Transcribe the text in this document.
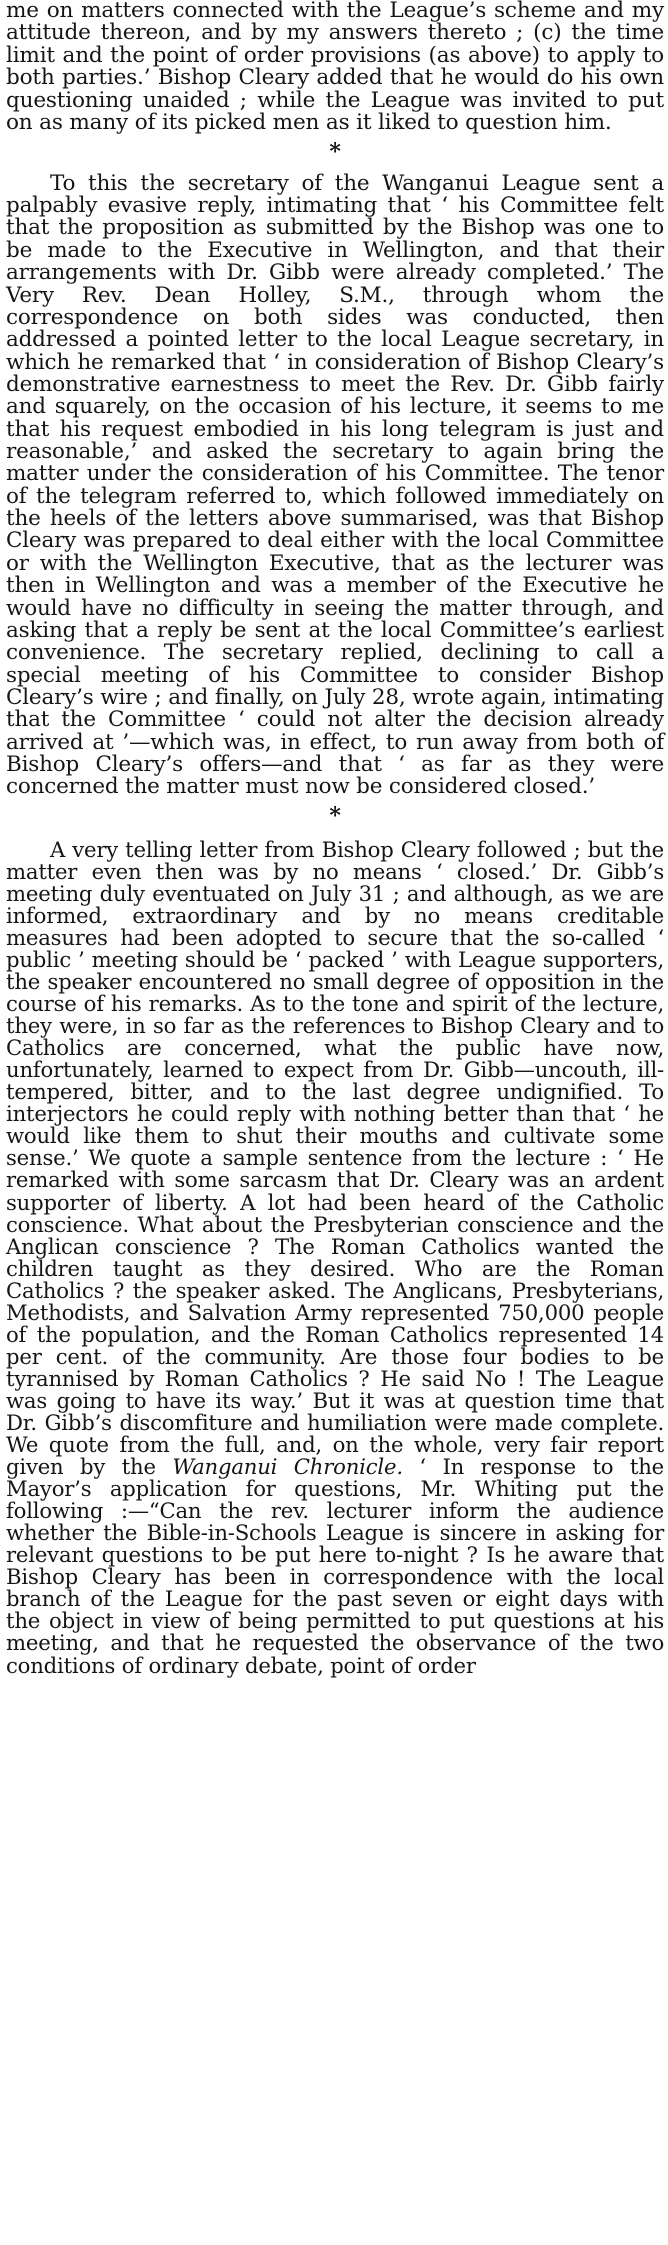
me on matters connected with the League’s scheme and my attitude thereon, and by my answers thereto ; (c) the time limit and the point of order provisions (as above) to apply to both parties.’ Bishop Cleary added that he would do his own questioning unaided ; while the League was invited to put on as many of its picked men as it liked to question him.

*

To this the secretary of the Wanganui League sent a palpably evasive reply, intimating that ‘ his Committee felt that the proposition as submitted by the Bishop was one to be made to the Executive in Wellington, and that their arrangements with Dr. Gibb were already completed.’ The Very Rev. Dean Holley, S.M., through whom the correspondence on both sides was conducted, then addressed a pointed letter to the local League secretary, in which he remarked that ‘ in consideration of Bishop Cleary’s demonstrative earnestness to meet the Rev. Dr. Gibb fairly and squarely, on the occasion of his lecture, it seems to me that his request embodied in his long telegram is just and reasonable,’ and asked the secretary to again bring the matter under the consideration of his Committee. The tenor of the telegram referred to, which followed immediately on the heels of the letters above summarised, was that Bishop Cleary was prepared to deal either with the local Committee or with the Wellington Executive, that as the lecturer was then in Wellington and was a member of the Executive he would have no difficulty in seeing the matter through, and asking that a reply be sent at the local Committee’s earliest convenience. The secretary replied, declining to call a special meeting of his Committee to consider Bishop Cleary’s wire ; and finally, on July 28, wrote again, intimating that the Committee ‘ could not alter the decision already arrived at ’—which was, in effect, to run away from both of Bishop Cleary’s offers—and that ‘ as far as they were concerned the matter must now be considered closed.’

*

A very telling letter from Bishop Cleary followed ; but the matter even then was by no means ‘ closed.’ Dr. Gibb’s meeting duly eventuated on July 31 ; and although, as we are informed, extraordinary and by no means creditable measures had been adopted to secure that the so-called ‘ public ’ meeting should be ‘ packed ’ with League supporters, the speaker encountered no small degree of opposition in the course of his remarks. As to the tone and spirit of the lecture, they were, in so far as the references to Bishop Cleary and to Catholics are concerned, what the public have now, unfortunately, learned to expect from Dr. Gibb—uncouth, ill-tempered, bitter, and to the last degree undignified. To interjectors he could reply with nothing better than that ‘ he would like them to shut their mouths and cultivate some sense.’ We quote a sample sentence from the lecture : ‘ He remarked with some sarcasm that Dr. Cleary was an ardent supporter of liberty. A lot had been heard of the Catholic conscience. What about the Presbyterian conscience and the Anglican conscience ? The Roman Catholics wanted the children taught as they desired. Who are the Roman Catholics ? the speaker asked. The Anglicans, Presbyterians, Methodists, and Salvation Army represented 750,000 people of the population, and the Roman Catholics represented 14 per cent. of the community. Are those four bodies to be tyrannised by Roman Catholics ? He said No ! The League was going to have its way.’ But it was at question time that Dr. Gibb’s discomfiture and humiliation were made complete. We quote from the full, and, on the whole, very fair report given by the Wanganui Chronicle. ‘ In response to the Mayor’s application for questions, Mr. Whiting put the following :—“Can the rev. lecturer inform the audience whether the Bible-in-Schools League is sincere in asking for relevant questions to be put here to-night ? Is he aware that Bishop Cleary has been in correspondence with the local branch of the League for the past seven or eight days with the object in view of being permitted to put questions at his meeting, and that he requested the observance of the two conditions of ordinary debate, point of order
